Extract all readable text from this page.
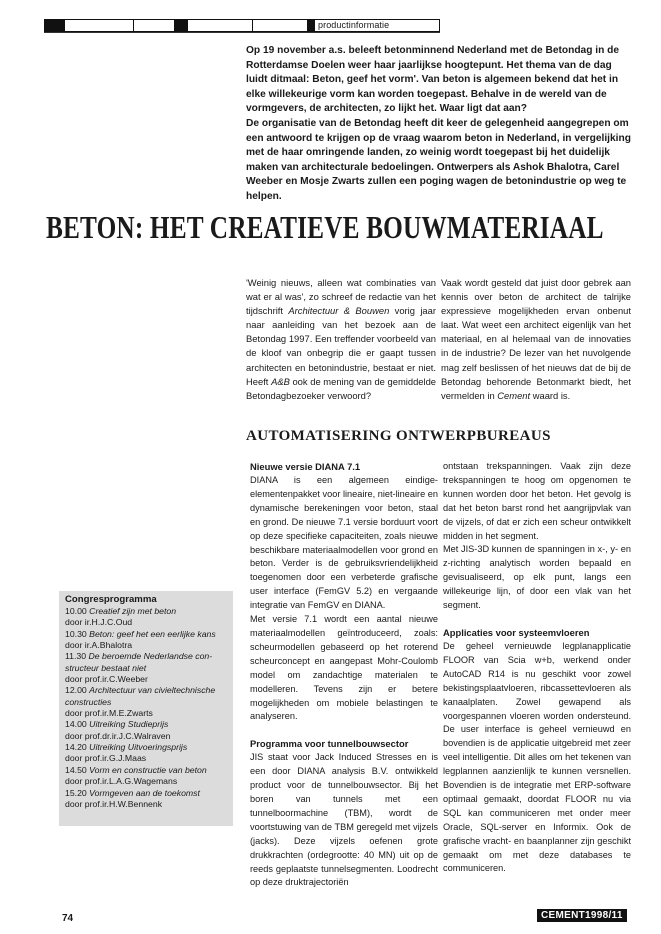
productinformatie

Op 19 november a.s. beleeft betonminnend Nederland met de Betondag in de Rotterdamse Doelen weer haar jaarlijkse hoogtepunt. Het thema van de dag luidt ditmaal: Beton, geef het vorm'. Van beton is algemeen bekend dat het in elke willekeurige vorm kan worden toegepast. Behalve in de wereld van de vormgevers, de architecten, zo lijkt het. Waar ligt dat aan?

De organisatie van de Betondag heeft dit keer de gelegenheid aangegrepen om een antwoord te krijgen op de vraag waarom beton in Nederland, in vergelijking met de haar omringende landen, zo weinig wordt toegepast bij het duidelijk maken van architecturale bedoelingen. Ontwerpers als Ashok Bhalotra, Carel Weeber en Mosje Zwarts zullen een poging wagen de betonindustrie op weg te helpen.

BETON: HET CREATIEVE BOUWMATERIAAL

'Weinig nieuws, alleen wat combinaties van wat er al was', zo schreef de redactie van het tijdschrift Architectuur & Bouwen vorig jaar naar aanleiding van het bezoek aan de Betondag 1997. Een treffender voorbeeld van de kloof van onbegrip die er gaapt tussen architecten en betonindustrie, bestaat er niet. Heeft A&B ook de mening van de gemiddelde Betondagbezoeker verwoord?

Vaak wordt gesteld dat juist door gebrek aan kennis over beton de architect de talrijke expressieve mogelijkheden ervan onbenut laat. Wat weet een architect eigenlijk van het materiaal, en al helemaal van de innovaties in de industrie? De lezer van het nuvolgende mag zelf beslissen of het nieuws dat de bij de Betondag behorende Betonmarkt biedt, het vermelden in Cement waard is.

AUTOMATISERING ONTWERPBUREAUS
Nieuwe versie DIANA 7.1

DIANA is een algemeen eindige-elementenpakket voor lineaire, niet-lineaire en dynamische berekeningen voor beton, staal en grond. De nieuwe 7.1 versie borduurt voort op deze specifieke capaciteiten, zoals nieuwe beschikbare materiaalmodellen voor grond en beton. Verder is de gebruiksvriendelijkheid toegenomen door een verbeterde grafische user interface (FemGV 5.2) en vergaande integratie van FemGV en DIANA.

Met versie 7.1 wordt een aantal nieuwe materiaalmodellen geïntroduceerd, zoals: scheurmodellen gebaseerd op het roterend scheurconcept en aangepast Mohr-Coulomb model om zandachtige materialen te modelleren. Tevens zijn er betere mogelijkheden om mobiele belastingen te analyseren.

Programma voor tunnelbouwsector

JIS staat voor Jack Induced Stresses en is een door DIANA analysis B.V. ontwikkeld product voor de tunnelbouwsector. Bij het boren van tunnels met een tunnelboormachine (TBM), wordt de voortstuwing van de TBM geregeld met vijzels (jacks). Deze vijzels oefenen grote drukkrachten (ordegrootte: 40 MN) uit op de reeds geplaatste tunnelsegmenten. Loodrecht op deze druktrajectoriën

ontstaan trekspanningen. Vaak zijn deze trekspanningen te hoog om opgenomen te kunnen worden door het beton. Het gevolg is dat het beton barst rond het aangrijpvlak van de vijzels, of dat er zich een scheur ontwikkelt midden in het segment.

Met JIS-3D kunnen de spanningen in x-, y- en z-richting analytisch worden bepaald en gevisualiseerd, op elk punt, langs een willekeurige lijn, of door een vlak van het segment.

Applicaties voor systeemvloeren

De geheel vernieuwde legplanapplicatie FLOOR van Scia w+b, werkend onder AutoCAD R14 is nu geschikt voor zowel bekistingsplaatvloeren, ribcassettevloeren als kanaalplaten. Zowel gewapend als voorgespannen vloeren worden ondersteund. De user interface is geheel vernieuwd en bovendien is de applicatie uitgebreid met zeer veel intelligentie. Dit alles om het tekenen van legplannen aanzienlijk te kunnen versnellen. Bovendien is de integratie met ERP-software optimaal gemaakt, doordat FLOOR nu via SQL kan communiceren met onder meer Oracle, SQL-server en Informix. Ook de grafische vracht- en baanplanner zijn geschikt gemaakt om met deze databases te communiceren.

Congresprogramma
10.00 Creatief zijn met beton
door ir.H.J.C.Oud
10.30 Beton: geef het een eerlijke kans
door ir.A.Bhalotra
11.30 De beroemde Nederlandse con-
structeur bestaat niet
door prof.ir.C.Weeber
12.00 Architectuur van civieltechnische
constructies
door prof.ir.M.E.Zwarts
14.00 Uitreiking Studieprijs
door prof.dr.ir.J.C.Walraven
14.20 Uitreiking Uitvoeringsprijs
door prof.ir.G.J.Maas
14.50 Vorm en constructie van beton
door prof.ir.L.A.G.Wagemans
15.20 Vormgeven aan de toekomst
door prof.ir.H.W.Bennenk

74	CEMENT1998/11
